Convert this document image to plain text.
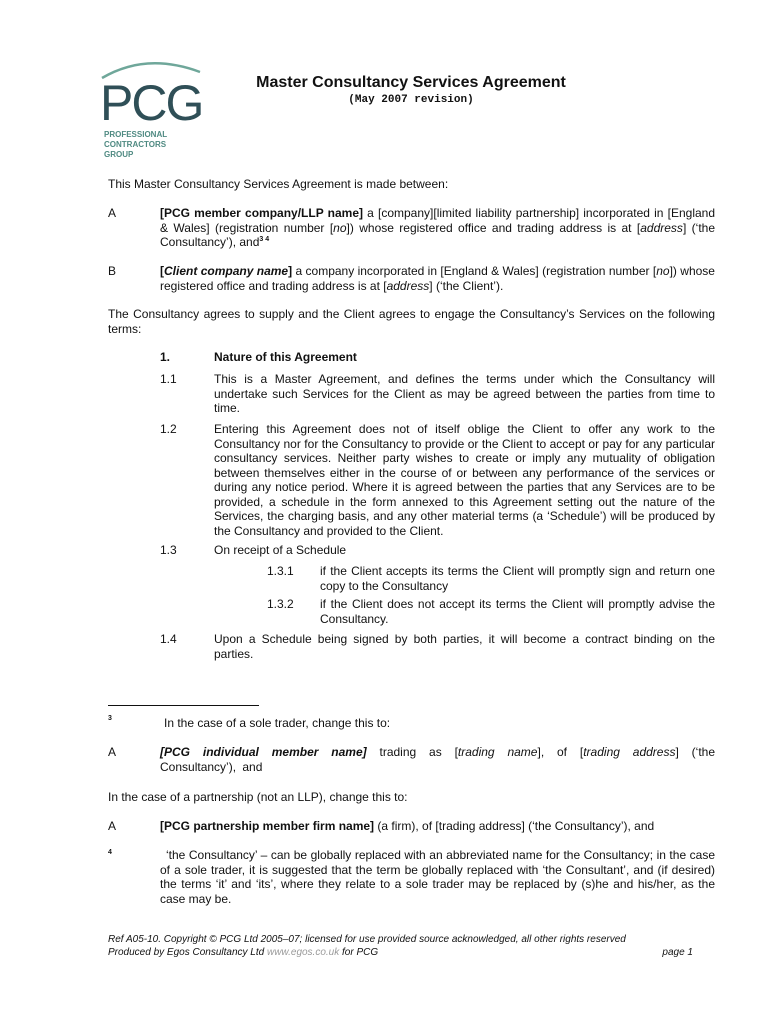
PCG
PROFESSIONAL
CONTRACTORS
GROUP
Master Consultancy Services Agreement
(May 2007 revision)
This Master Consultancy Services Agreement is made between:
A	[PCG member company/LLP name] a [company][limited liability partnership] incorporated in [England & Wales] (registration number [no]) whose registered office and trading address is at [address] (‘the Consultancy’), and$^{3 4}$
B	[Client company name] a company incorporated in [England & Wales] (registration number [no]) whose registered office and trading address is at [address] (‘the Client’).
The Consultancy agrees to supply and the Client agrees to engage the Consultancy’s Services on the following terms:
1.	Nature of this Agreement
1.1	This is a Master Agreement, and defines the terms under which the Consultancy will undertake such Services for the Client as may be agreed between the parties from time to time.
1.2	Entering this Agreement does not of itself oblige the Client to offer any work to the Consultancy nor for the Consultancy to provide or the Client to accept or pay for any particular consultancy services. Neither party wishes to create or imply any mutuality of obligation between themselves either in the course of or between any performance of the services or during any notice period. Where it is agreed between the parties that any Services are to be provided, a schedule in the form annexed to this Agreement setting out the nature of the Services, the charging basis, and any other material terms (a ‘Schedule’) will be produced by the Consultancy and provided to the Client.
1.3	On receipt of a Schedule
1.3.1 if the Client accepts its terms the Client will promptly sign and return one copy to the Consultancy
1.3.2 if the Client does not accept its terms the Client will promptly advise the Consultancy.
1.4	Upon a Schedule being signed by both parties, it will become a contract binding on the parties.
3	In the case of a sole trader, change this to:
A	[PCG individual member name] trading as [trading name], of [trading address] (‘the Consultancy’), and
In the case of a partnership (not an LLP), change this to:
A	[PCG partnership member firm name] (a firm), of [trading address] (‘the Consultancy’), and
4	‘the Consultancy’ – can be globally replaced with an abbreviated name for the Consultancy; in the case of a sole trader, it is suggested that the term be globally replaced with ‘the Consultant’, and (if desired) the terms ‘it’ and ‘its’, where they relate to a sole trader may be replaced by (s)he and his/her, as the case may be.
Ref A05-10. Copyright © PCG Ltd 2005–07; licensed for use provided source acknowledged, all other rights reserved
Produced by Egos Consultancy Ltd www.egos.co.uk for PCG	page 1
